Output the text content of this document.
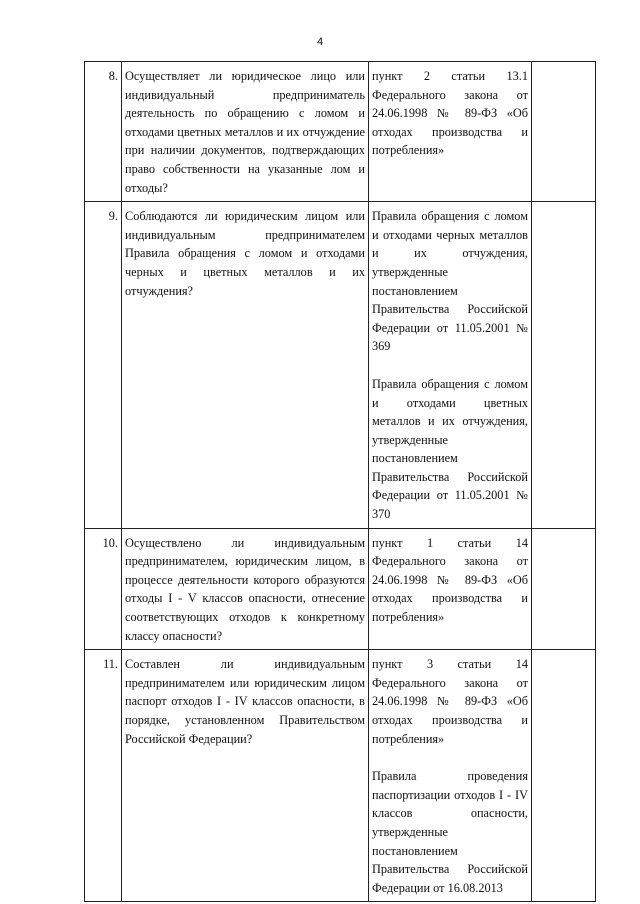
4
8.	Осуществляет ли юридическое лицо или индивидуальный предприниматель деятельность по обращению с ломом и отходами цветных металлов и их отчуждение при наличии документов, подтверждающих право собственности на указанные лом и отходы?	пункт 2 статьи 13.1 Федерального закона от 24.06.1998 № 89-ФЗ «Об отходах производства и потребления»	

9.	Соблюдаются ли юридическим лицом или индивидуальным предпринимателем Правила обращения с ломом и отходами черных и цветных металлов и их отчуждения?	Правила обращения с ломом и отходами черных металлов и их отчуждения, утвержденные постановлением Правительства Российской Федерации от 11.05.2001 № 369
Правила обращения с ломом и отходами цветных металлов и их отчуждения, утвержденные постановлением Правительства Российской Федерации от 11.05.2001 № 370	

10.	Осуществлено ли индивидуальным предпринимателем, юридическим лицом, в процессе деятельности которого образуются отходы I - V классов опасности, отнесение соответствующих отходов к конкретному классу опасности?	пункт 1 статьи 14 Федерального закона от 24.06.1998 № 89-ФЗ «Об отходах производства и потребления»	

11.	Составлен ли индивидуальным предпринимателем или юридическим лицом паспорт отходов I - IV классов опасности, в порядке, установленном Правительством Российской Федерации?	пункт 3 статьи 14 Федерального закона от 24.06.1998 № 89-ФЗ «Об отходах производства и потребления»
Правила проведения паспортизации отходов I - IV классов опасности, утвержденные постановлением Правительства Российской Федерации от 16.08.2013	
